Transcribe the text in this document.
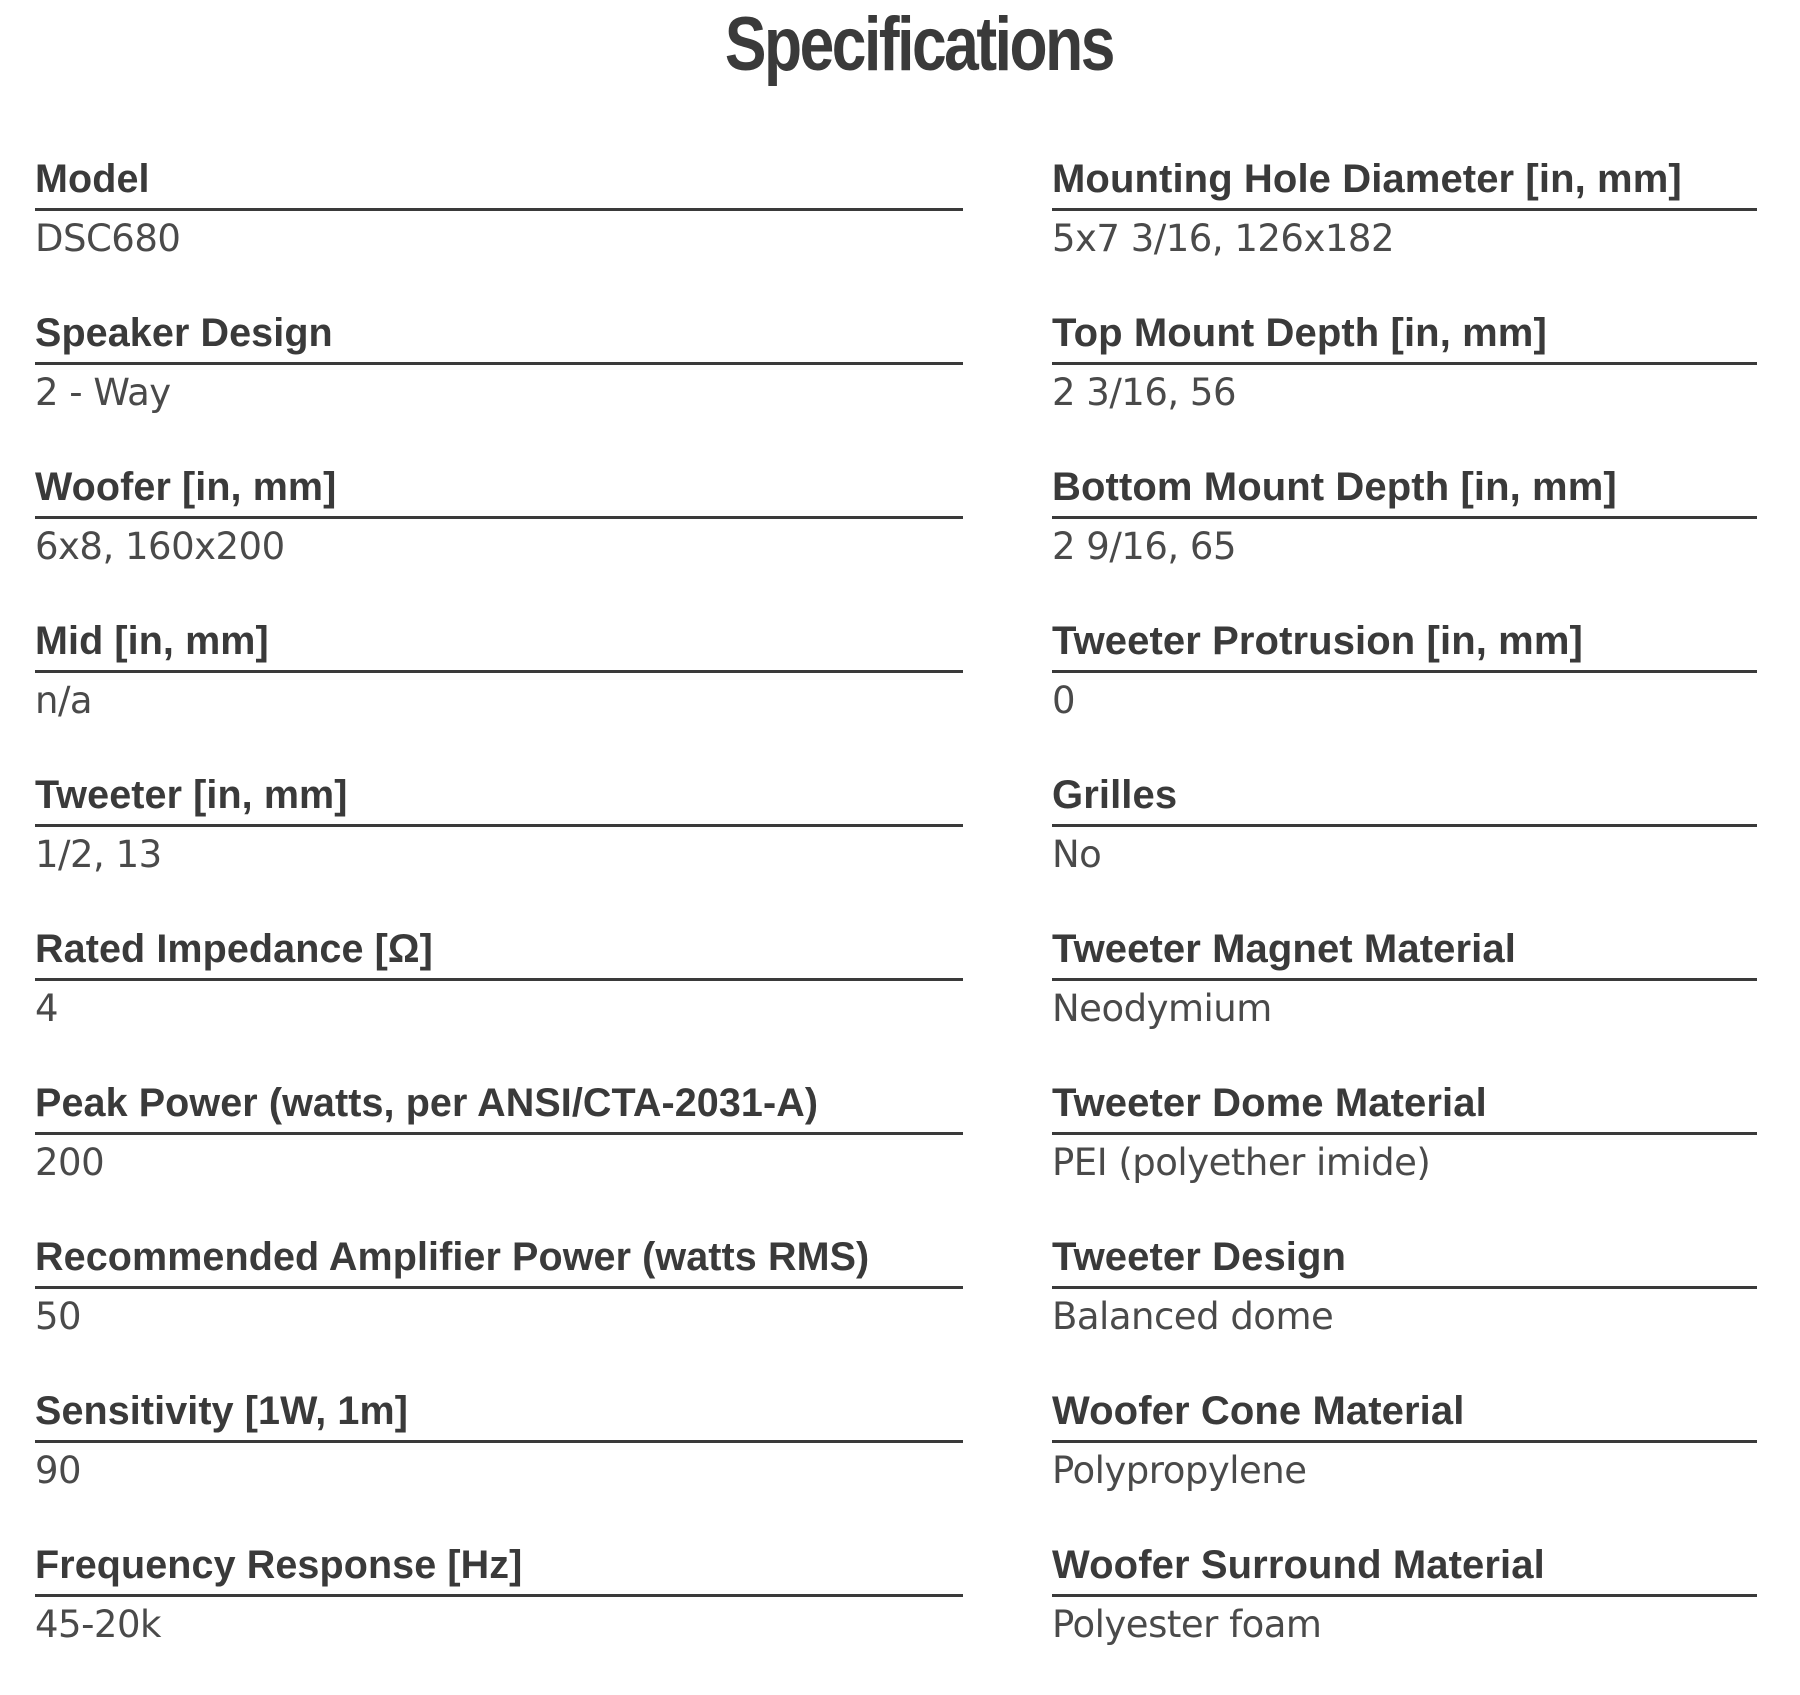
Specifications
Model
DSC680
Speaker Design
2 - Way
Woofer [in, mm]
6x8, 160x200
Mid [in, mm]
n/a
Tweeter [in, mm]
1/2, 13
Rated Impedance [Ω]
4
Peak Power (watts, per ANSI/CTA-2031-A)
200
Recommended Amplifier Power (watts RMS)
50
Sensitivity [1W, 1m]
90
Frequency Response [Hz]
45-20k
Mounting Hole Diameter [in, mm]
5x7 3/16, 126x182
Top Mount Depth [in, mm]
2 3/16, 56
Bottom Mount Depth [in, mm]
2 9/16, 65
Tweeter Protrusion [in, mm]
0
Grilles
No
Tweeter Magnet Material
Neodymium
Tweeter Dome Material
PEI (polyether imide)
Tweeter Design
Balanced dome
Woofer Cone Material
Polypropylene
Woofer Surround Material
Polyester foam
